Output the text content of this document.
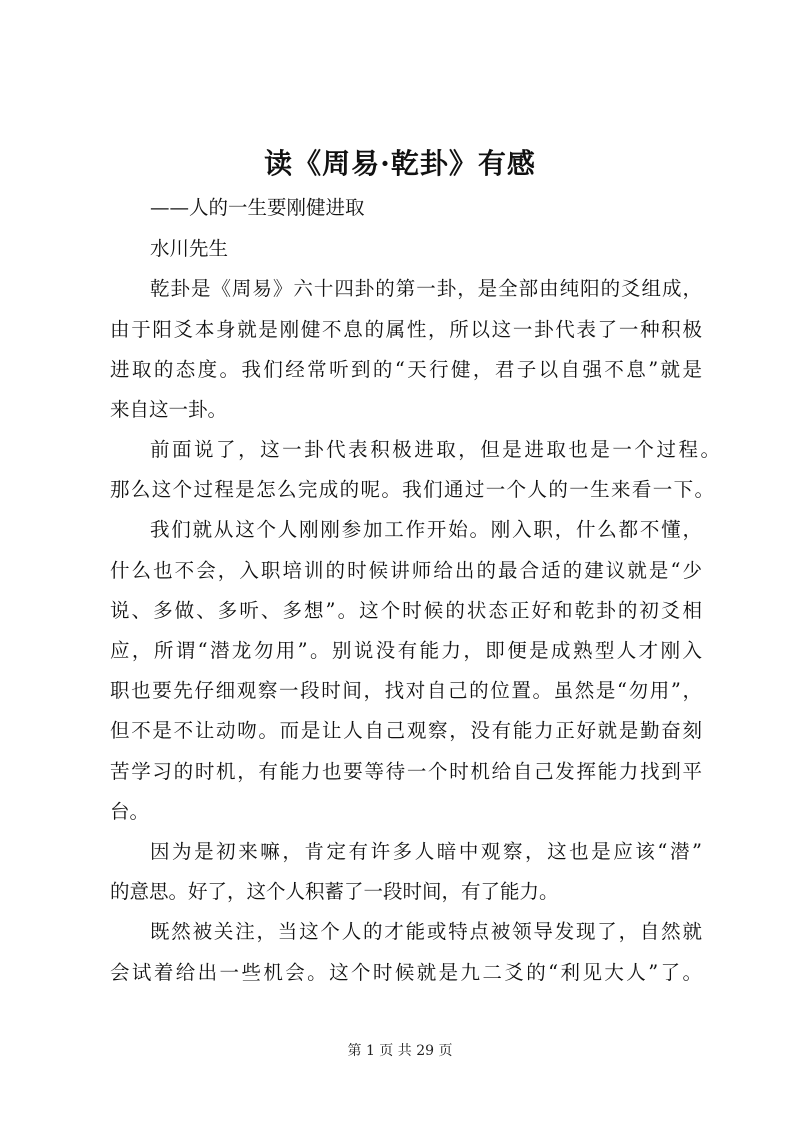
读《周易·乾卦》有感
——人的一生要刚健进取
水川先生
乾卦是《周易》六十四卦的第一卦，是全部由纯阳的爻组成，
由于阳爻本身就是刚健不息的属性，所以这一卦代表了一种积极
进取的态度。我们经常听到的“天行健，君子以自强不息”就是
来自这一卦。
前面说了，这一卦代表积极进取，但是进取也是一个过程。
那么这个过程是怎么完成的呢。我们通过一个人的一生来看一下。
我们就从这个人刚刚参加工作开始。刚入职，什么都不懂，
什么也不会，入职培训的时候讲师给出的最合适的建议就是“少
说、多做、多听、多想”。这个时候的状态正好和乾卦的初爻相
应，所谓“潜龙勿用”。别说没有能力，即便是成熟型人才刚入
职也要先仔细观察一段时间，找对自己的位置。虽然是“勿用”，
但不是不让动吻。而是让人自己观察，没有能力正好就是勤奋刻
苦学习的时机，有能力也要等待一个时机给自己发挥能力找到平
台。
因为是初来嘛，肯定有许多人暗中观察，这也是应该“潜”
的意思。好了，这个人积蓄了一段时间，有了能力。
既然被关注，当这个人的才能或特点被领导发现了，自然就
会试着给出一些机会。这个时候就是九二爻的“利见大人”了。
第 1 页 共 29 页
